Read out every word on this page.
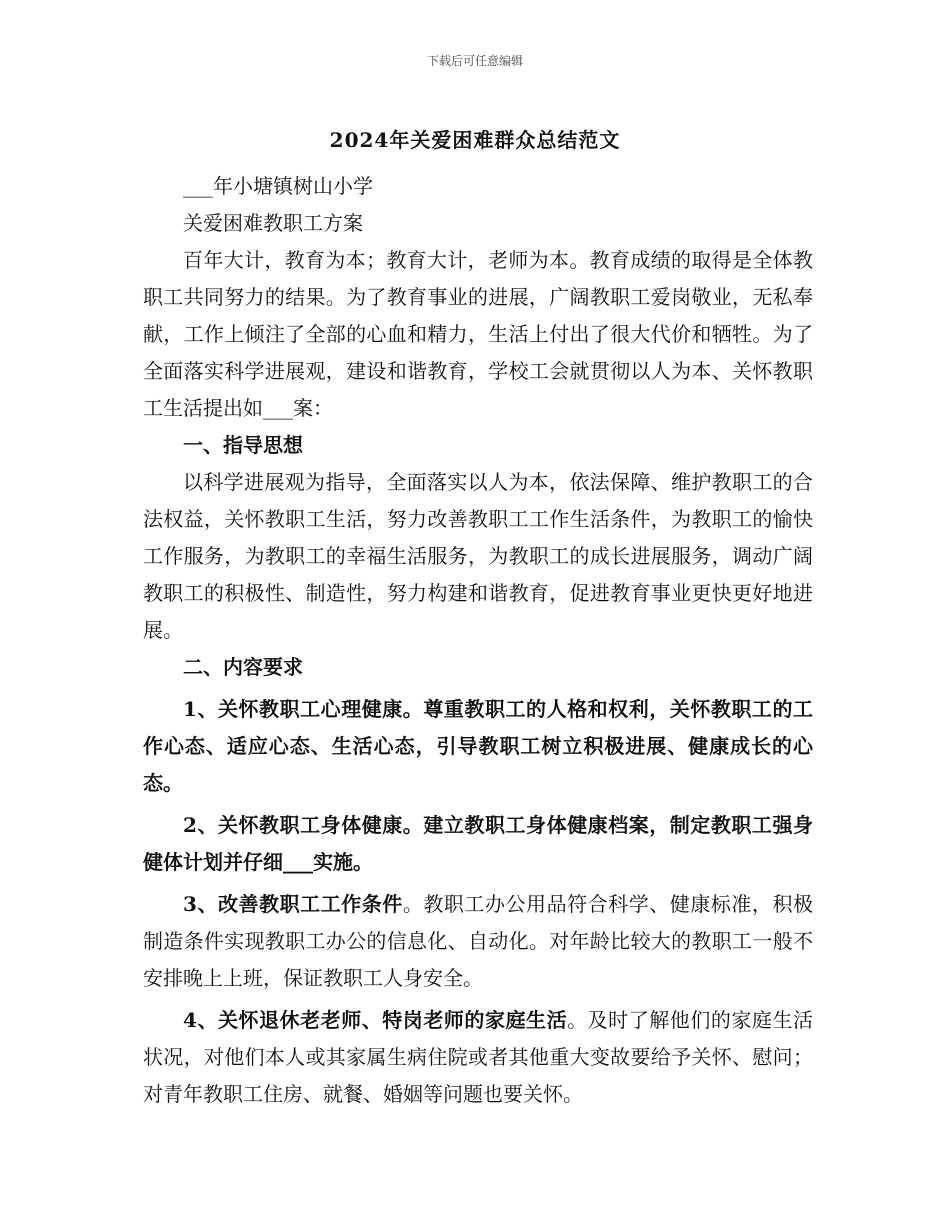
下载后可任意编辑
2024年关爱困难群众总结范文

___年小塘镇树山小学

关爱困难教职工方案

百年大计，教育为本；教育大计，老师为本。教育成绩的取得是全体教职工共同努力的结果。为了教育事业的进展，广阔教职工爱岗敬业，无私奉献，工作上倾注了全部的心血和精力，生活上付出了很大代价和牺牲。为了全面落实科学进展观，建设和谐教育，学校工会就贯彻以人为本、关怀教职工生活提出如___案：

一、指导思想

以科学进展观为指导，全面落实以人为本，依法保障、维护教职工的合法权益，关怀教职工生活，努力改善教职工工作生活条件，为教职工的愉快工作服务，为教职工的幸福生活服务，为教职工的成长进展服务，调动广阔教职工的积极性、制造性，努力构建和谐教育，促进教育事业更快更好地进展。

二、内容要求

1、关怀教职工心理健康。尊重教职工的人格和权利，关怀教职工的工作心态、适应心态、生活心态，引导教职工树立积极进展、健康成长的心态。

2、关怀教职工身体健康。建立教职工身体健康档案，制定教职工强身健体计划并仔细___实施。

3、改善教职工工作条件。教职工办公用品符合科学、健康标准，积极制造条件实现教职工办公的信息化、自动化。对年龄比较大的教职工一般不安排晚上上班，保证教职工人身安全。

4、关怀退休老老师、特岗老师的家庭生活。及时了解他们的家庭生活状况，对他们本人或其家属生病住院或者其他重大变故要给予关怀、慰问；对青年教职工住房、就餐、婚姻等问题也要关怀。
